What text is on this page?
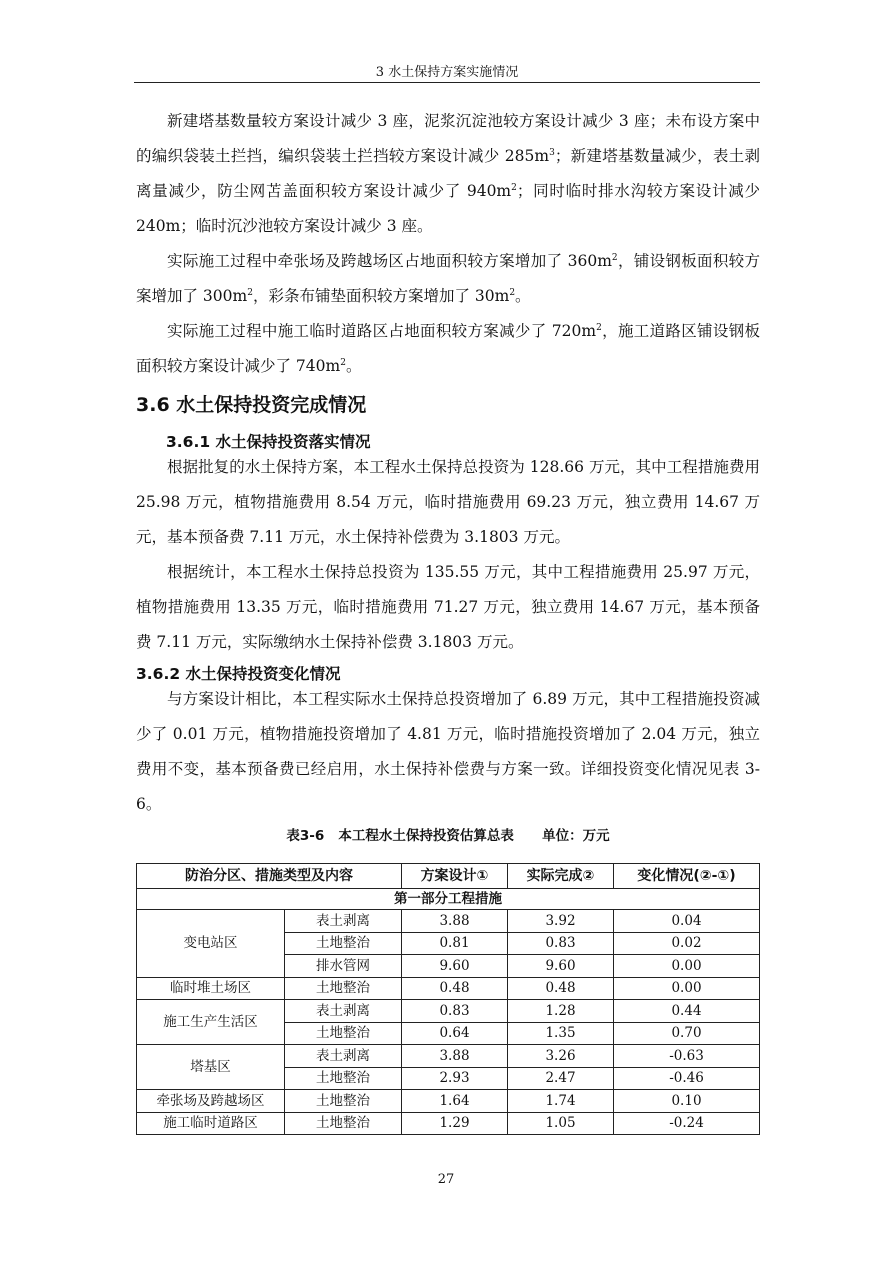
3 水土保持方案实施情况
新建塔基数量较方案设计减少 3 座，泥浆沉淀池较方案设计减少 3 座；未布设方案中的编织袋装土拦挡，编织袋装土拦挡较方案设计减少 $285m^3$；新建塔基数量减少，表土剥离量减少，防尘网苫盖面积较方案设计减少了 $940m^2$；同时临时排水沟较方案设计减少 240m；临时沉沙池较方案设计减少 3 座。
实际施工过程中牵张场及跨越场区占地面积较方案增加了 $360m^2$，铺设钢板面积较方案增加了 $300m^2$，彩条布铺垫面积较方案增加了 $30m^2$。
实际施工过程中施工临时道路区占地面积较方案减少了 $720m^2$，施工道路区铺设钢板面积较方案设计减少了 $740m^2$。
3.6 水土保持投资完成情况
3.6.1 水土保持投资落实情况
根据批复的水土保持方案，本工程水土保持总投资为 128.66 万元，其中工程措施费用 25.98 万元，植物措施费用 8.54 万元，临时措施费用 69.23 万元，独立费用 14.67 万元，基本预备费 7.11 万元，水土保持补偿费为 3.1803 万元。
根据统计，本工程水土保持总投资为 135.55 万元，其中工程措施费用 25.97 万元，植物措施费用 13.35 万元，临时措施费用 71.27 万元，独立费用 14.67 万元，基本预备费 7.11 万元，实际缴纳水土保持补偿费 3.1803 万元。
3.6.2 水土保持投资变化情况
与方案设计相比，本工程实际水土保持总投资增加了 6.89 万元，其中工程措施投资减少了 0.01 万元，植物措施投资增加了 4.81 万元，临时措施投资增加了 2.04 万元，独立费用不变，基本预备费已经启用，水土保持补偿费与方案一致。详细投资变化情况见表 3-6。
表3-6   本工程水土保持投资估算总表      单位：万元
防治分区、措施类型及内容		方案设计①	实际完成②	变化情况(②-①)
第一部分工程措施				
变电站区	表土剥离	3.88	3.92	0.04
	土地整治	0.81	0.83	0.02
	排水管网	9.60	9.60	0.00
临时堆土场区	土地整治	0.48	0.48	0.00
施工生产生活区	表土剥离	0.83	1.28	0.44
	土地整治	0.64	1.35	0.70
塔基区	表土剥离	3.88	3.26	-0.63
	土地整治	2.93	2.47	-0.46
牵张场及跨越场区	土地整治	1.64	1.74	0.10
施工临时道路区	土地整治	1.29	1.05	-0.24
27
